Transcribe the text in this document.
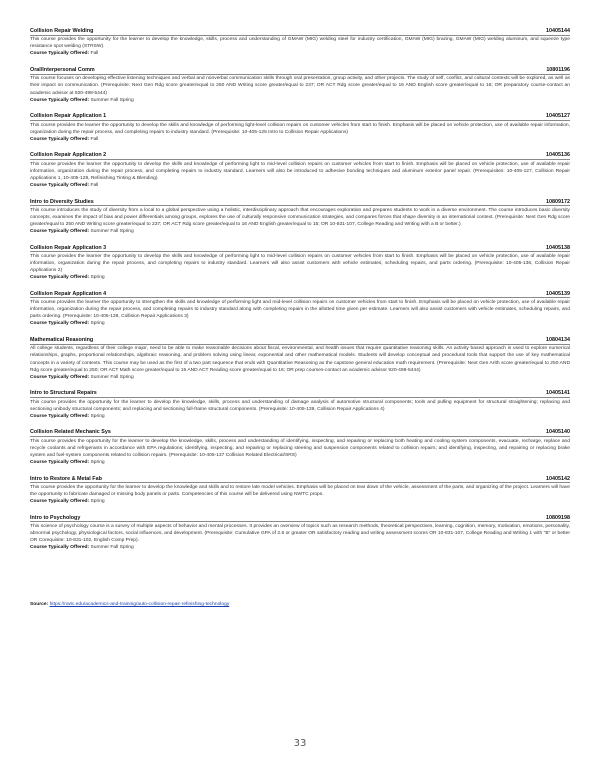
Collision Repair Welding	10405144

This course provides the opportunity for the learner to develop the knowledge, skills, process and understanding of GMAW (MIG) welding steel for industry certification, GMAW (MIG) brazing, GMAW (MIG) welding aluminum, and squeeze type resistance spot welding (STRSW).

Course Typically Offered: Fall
Oral/Interpersonal Comm	10801196

This course focuses on developing effective listening techniques and verbal and nonverbal communication skills through oral presentation, group activity, and other projects. The study of self, conflict, and cultural contexts will be explored, as well as their impact on communication. (Prerequisite: Next Gen Rdg score greater/equal to 250 AND Writing score greater/equal to 237; OR ACT Rdg score greater/equal to 16 AND English score greater/equal to 16; OR preparatory course-contact an academic advisor at 920-498-5444)

Course Typically Offered: Summer Fall Spring
Collision Repair Application 1	10405127

This course provides the learner the opportunity to develop the skills and knowledge of performing light-level collision repairs on customer vehicles from start to finish. Emphasis will be placed on vehicle protection, use of available repair information, organization during the repair process, and completing repairs to industry standard. (Prerequisite: 10-405-125 Intro to Collision Repair Applications)

Course Typically Offered: Fall
Collision Repair Application 2	10405136

This course provides the learner the opportunity to develop the skills and knowledge of performing light to mid-level collision repairs on customer vehicles from start to finish. Emphasis will be placed on vehicle protection, use of available repair information, organization during the repair process, and completing repairs to industry standard. Learners will also be introduced to adhesive bonding techniques and aluminum exterior panel repair. (Prerequisites: 10-405-127, Collision Repair Applications 1, 10-405-129, Refinishing Tinting & Blending)

Course Typically Offered: Fall
Intro to Diversity Studies	10809172

This course introduces the study of diversity from a local to a global perspective using a holistic, interdisciplinary approach that encourages exploration and prepares students to work in a diverse environment. The course introduces basic diversity concepts, examines the impact of bias and power differentials among groups, explores the use of culturally responsive communication strategies, and compares forces that shape diversity in an international context. (Prerequisite: Next Gen Rdg score greater/equal to 250 AND Writing score greater/equal to 237; OR ACT Rdg score greater/equal to 16 AND English greater/equal to 15; OR 10-831-107, College Reading and Writing with a B or better.)

Course Typically Offered: Summer Fall Spring
Collision Repair Application 3	10405138

This course provides the learner the opportunity to develop the skills and knowledge of performing light to mid-level collision repairs on customer vehicles from start to finish. Emphasis will be placed on vehicle protection, use of available repair information, organization during the repair process, and completing repairs to industry standard. Learners will also assist customers with vehicle estimates, scheduling repairs, and parts ordering. (Prerequisite: 10-405-136, Collision Repair Applications 2)

Course Typically Offered: Spring
Collision Repair Application 4	10405139

This course provides the learner the opportunity to strengthen the skills and knowledge of performing light and mid-level collision repairs on customer vehicles from start to finish. Emphasis will be placed on vehicle protection, use of available repair information, organization during the repair process, and completing repairs to industry standard along with completing repairs in the allotted time given per estimate. Learners will also assist customers with vehicle estimates, scheduling repairs, and parts ordering. (Prerequisite: 10-405-138, Collision Repair Applications 3)

Course Typically Offered: Spring
Mathematical Reasoning	10804134

All college students, regardless of their college major, need to be able to make reasonable decisions about fiscal, environmental, and health issues that require quantitative reasoning skills. An activity based approach is used to explore numerical relationships, graphs, proportional relationships, algebraic reasoning, and problem solving using linear, exponential and other mathematical models. Students will develop conceptual and procedural tools that support the use of key mathematical concepts in a variety of contexts. This course may be used as the first of a two part sequence that ends with Quantitative Reasoning as the capstone general education math requirement. (Prerequisite: Next Gen Arith score greater/equal to 250 AND Rdg score greater/equal to 250; OR ACT Math score greater/equal to 15 AND ACT Reading score greater/equal to 16; OR prep courses-contact an academic advisor 920-498-5444)

Course Typically Offered: Summer Fall Spring
Intro to Structural Repairs	10405141

This course provides the opportunity for the learner to develop the knowledge, skills, process and understanding of damage analysis of automotive structural components; tools and pulling equipment for structural straightening; replacing and sectioning unibody structural components; and replacing and sectioning full-frame structural components. (Prerequisite: 10-405-139, Collision Repair Applications 4)

Course Typically Offered: Spring
Collision Related Mechanic Sys	10405140

This course provides the opportunity for the learner to develop the knowledge, skills, process and understanding of identifying, inspecting, and repairing or replacing both heating and cooling system components, evacuate, recharge, replace and recycle coolants and refrigerants in accordance with EPA regulations; identifying, inspecting, and repairing or replacing steering and suspension components related to collision repairs; and identifying, inspecting, and repairing or replacing brake system and fuel-system components related to collision repairs. (Prerequisite: 10-405-137 Collision Related Electrical/SRS)

Course Typically Offered: Spring
Intro to Restore & Metal Fab	10405142

This course provides the opportunity for the learner to develop the knowledge and skills and to restore late model vehicles. Emphasis will be placed on tear down of the vehicle, assessment of the parts, and organizing of the project. Learners will have the opportunity to fabricate damaged or missing body panels or parts. Competencies of this course will be delivered using NWTC props.

Course Typically Offered: Spring
Intro to Psychology	10809198

This science of psychology course is a survey of multiple aspects of behavior and mental processes. It provides an overview of topics such as research methods, theoretical perspectives, learning, cognition, memory, motivation, emotions, personality, abnormal psychology, physiological factors, social influences, and development. (Prerequisite: Cumulative GPA of 2.6 or greater OR satisfactory reading and writing assessment scores OR 10-831-107, College Reading and Writing 1 with "B" or better OR Corequisite: 10-831-102, English Comp Prep).

Course Typically Offered: Summer Fall Spring
Source: https://nwtc.edu/academics-and-training/auto-collision-repair-refinishing-technology
33
